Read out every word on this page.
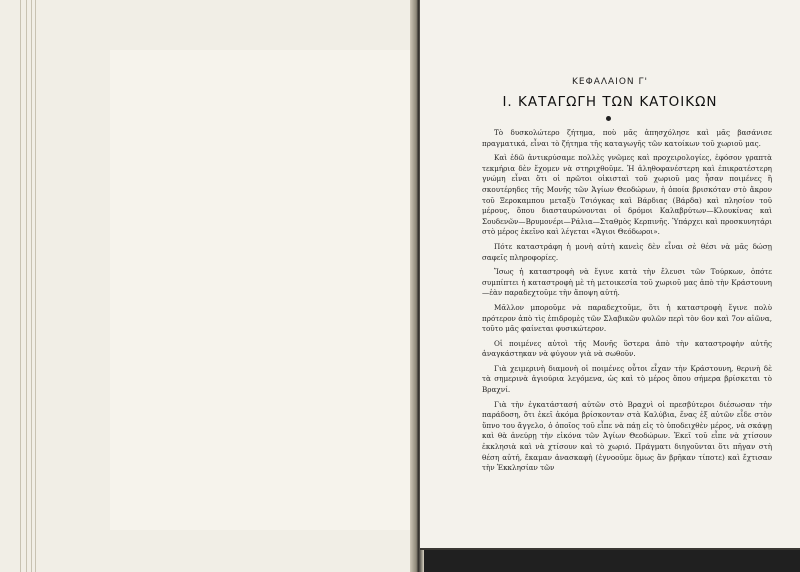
ΚΕΦΑΛΑΙΟΝ Γ'
I. ΚΑΤΑΓΩΓΗ ΤΩΝ ΚΑΤΟΙΚΩΝ

Τὸ δυσκολώτερο ζήτημα, ποὺ μᾶς ἀπησχόλησε καὶ μᾶς βασάνισε πραγματικά, εἶναι τὸ ζήτημα τῆς καταγωγῆς τῶν κατοίκων τοῦ χωριοῦ μας.

Καὶ ἐδῶ ἀντικρύσαμε πολλὲς γνῶμες καὶ προχειρολογίες, ἐφόσον γραπτὰ τεκμήρια δὲν ἔχομεν νὰ στηριχθοῦμε. Ἡ ἀληθοφανέστερη καὶ ἐπικρατέστερη γνώμη εἶναι ὅτι οἱ πρῶτοι οἰκισταὶ τοῦ χωριοῦ μας ἦσαν ποιμένες ἢ σκουτέρηδες τῆς Μονῆς τῶν Ἁγίων Θεοδώρων, ἡ ὁποία βρισκόταν στὸ ἄκρον τοῦ Ξεροκαμπου μεταξὺ Τσιόγκας καὶ Βάρδιας (Βάρδα) καὶ πλησίον τοῦ μέρους, ὅπου διασταυρώνονται οἱ δρόμοι Καλαβρύτων—Κλουκίνας καὶ Σουδενῶν—Βρυμονέρι—Ράλια—Σταθμὸς Κερπινῆς. Ὑπάρχει καὶ προσκυνητάρι στὸ μέρος ἐκεῖνο καὶ λέγεται «Ἅγιοι Θεόδωροι».

Πότε καταστράφη ἡ μονὴ αὐτὴ κανεὶς δὲν εἶναι σὲ θέσι νὰ μᾶς δώσῃ σαφεῖς πληροφορίες.

Ἴσως ἡ καταστροφὴ νὰ ἔγινε κατὰ τὴν ἔλευσι τῶν Τούρκων, ὁπότε συμπίπτει ἡ καταστροφὴ μὲ τὴ μετοικεσία τοῦ χωριοῦ μας ἀπὸ τὴν Κράστουνη—ἐὰν παραδεχτοῦμε τὴν ἄποψη αὐτή.

Μᾶλλον μποροῦμε νὰ παραδεχτοῦμε, ὅτι ἡ καταστροφὴ ἔγινε πολὺ πρότερον ἀπὸ τὶς ἐπιδρομὲς τῶν Σλαβικῶν φυλῶν περὶ τὸν 6ον καὶ 7ον αἰῶνα, τοῦτο μᾶς φαίνεται φυσικώτερον.

Οἱ ποιμένες αὐτοὶ τῆς Μονῆς ὕστερα ἀπὸ τὴν καταστροφὴν αὐτῆς ἀναγκάστηκαν νὰ φύγουν γιὰ νὰ σωθοῦν.

Γιὰ χειμερινὴ διαμονὴ οἱ ποιμένες οὗτοι εἶχαν τὴν Κράστουνη, θερινὴ δὲ τὰ σημερινὰ ἀγιούρια λεγόμενα, ὡς καὶ τὸ μέρος ὅπου σήμερα βρίσκεται τὸ Βραχνί.

Γιὰ τὴν ἐγκατάστασή αὐτῶν στὸ Βραχνὶ οἱ πρεσβύτεροι διέσωσαν τὴν παράδοση, ὅτι ἐκεῖ ἀκόμα βρίσκονταν στὰ Καλύβια, ἕνας ἐξ αὐτῶν εἶδε στὸν ὕπνο του ἄγγελο, ὁ ὁποῖος τοῦ εἶπε νὰ πάῃ εἰς τὸ ὑποδειχθὲν μέρος, νὰ σκάψῃ καὶ θὰ ἀνεύρῃ τὴν εἰκόνα τῶν Ἁγίων Θεοδώρων. Ἐκεῖ τοῦ εἶπε νὰ χτίσουν ἐκκλησιὰ καὶ νὰ χτίσουν καὶ τὸ χωριό. Πράγματι διηγοῦνται ὅτι πῆγαν στὴ θέση αὐτή, ἔκαμαν ἀνασκαφὴ (ἐγνοοῦμε ὅμως ἂν βρῆκαν τίποτε) καὶ ἔχτισαν τὴν Ἐκκλησίαν τῶν
